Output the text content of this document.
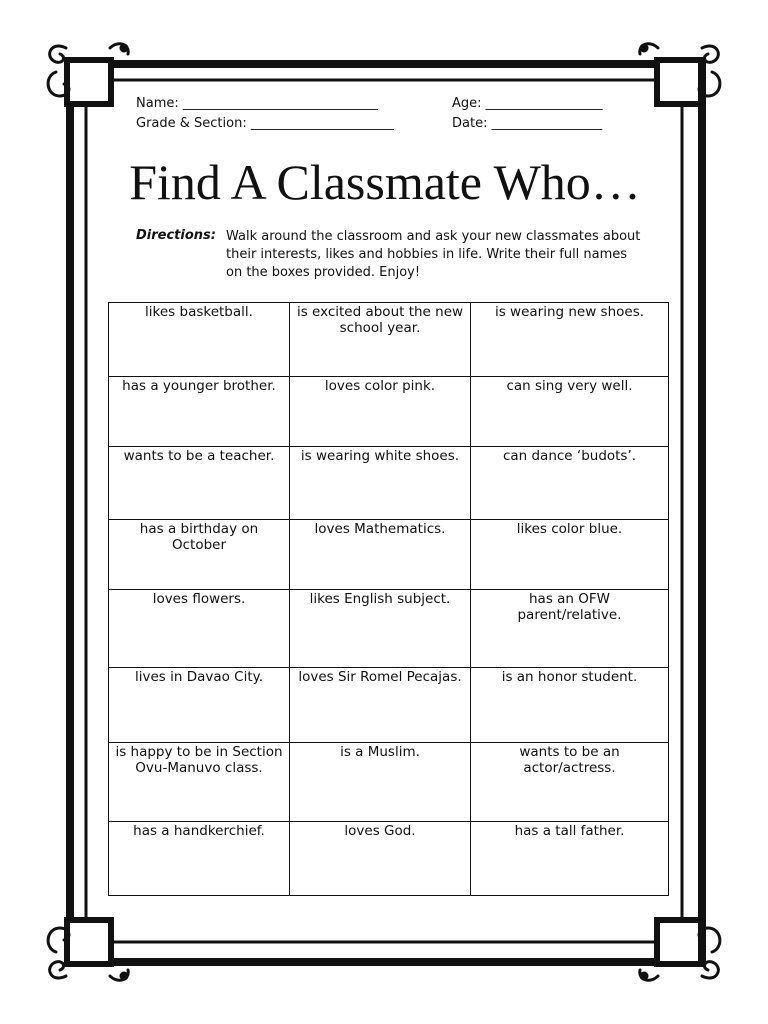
Name: ______________________________	Age: __________________
Grade & Section: ______________________	Date: _________________
Find A Classmate Who…
Directions: Walk around the classroom and ask your new classmates about their interests, likes and hobbies in life. Write their full names on the boxes provided. Enjoy!
likes basketball.	is excited about the new school year.	is wearing new shoes.
has a younger brother.	loves color pink.	can sing very well.
wants to be a teacher.	is wearing white shoes.	can dance ‘budots’.
has a birthday on October	loves Mathematics.	likes color blue.
loves flowers.	likes English subject.	has an OFW parent/relative.
lives in Davao City.	loves Sir Romel Pecajas.	is an honor student.
is happy to be in Section Ovu-Manuvo class.	is a Muslim.	wants to be an actor/actress.
has a handkerchief.	loves God.	has a tall father.
